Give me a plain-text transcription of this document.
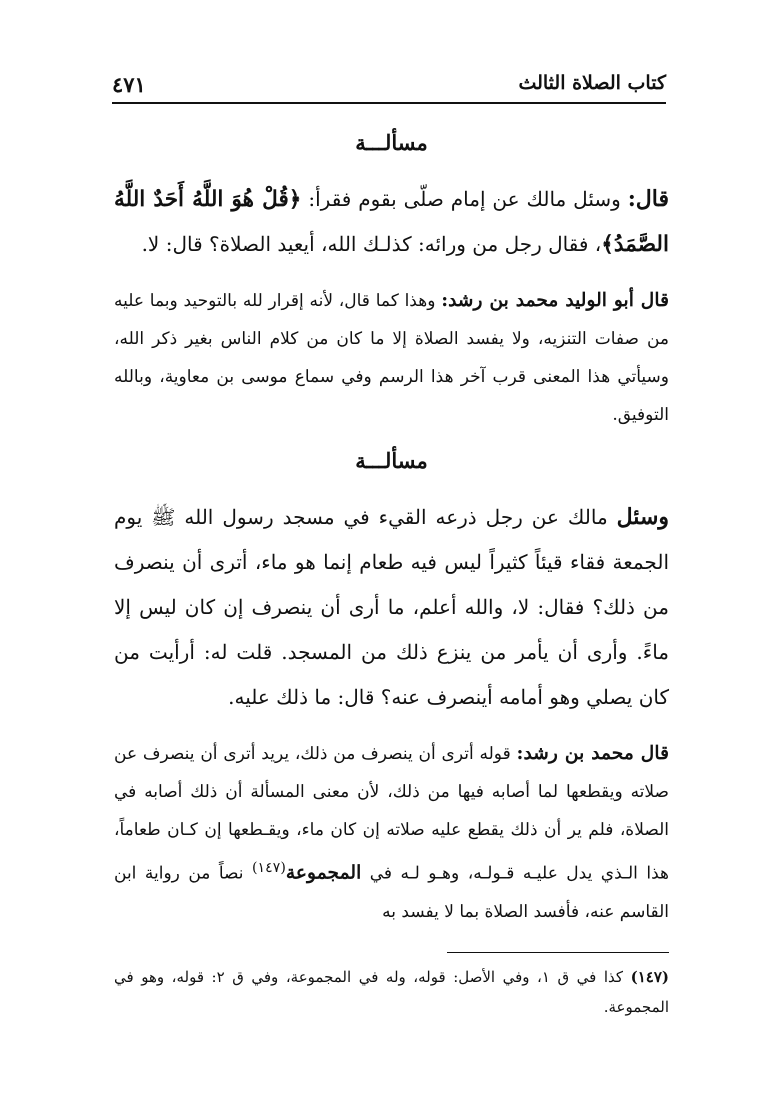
كتاب الصلاة الثالث
٤٧١
مسألـــة

قال: وسئل مالك عن إمام صلّى بقوم فقرأ: ﴿قُلْ هُوَ اللَّهُ أَحَدٌ اللَّهُ الصَّمَدُ﴾، فقال رجل من ورائه: كذلـك الله، أيعيد الصلاة؟ قال: لا.

قال أبو الوليد محمد بن رشد: وهذا كما قال، لأنه إقرار لله بالتوحيد وبما عليه من صفات التنزيه، ولا يفسد الصلاة إلا ما كان من كلام الناس بغير ذكر الله، وسيأتي هذا المعنى قرب آخر هذا الرسم وفي سماع موسى بن معاوية، وبالله التوفيق.

مسألـــة

وسئل مالك عن رجل ذرعه القيء في مسجد رسول الله ﷺ يوم الجمعة فقاء قيئاً كثيراً ليس فيه طعام إنما هو ماء، أترى أن ينصرف من ذلك؟ فقال: لا، والله أعلم، ما أرى أن ينصرف إن كان ليس إلا ماءً. وأرى أن يأمر من ينزع ذلك من المسجد. قلت له: أرأيت من كان يصلي وهو أمامه أينصرف عنه؟ قال: ما ذلك عليه.

قال محمد بن رشد: قوله أترى أن ينصرف من ذلك، يريد أترى أن ينصرف عن صلاته ويقطعها لما أصابه فيها من ذلك، لأن معنى المسألة أن ذلك أصابه في الصلاة، فلم ير أن ذلك يقطع عليه صلاته إن كان ماء، ويقـطعها إن كـان طعاماً، هذا الـذي يدل عليـه قـولـه، وهـو لـه في المجموعة$^{(١٤٧)}$ نصاً من رواية ابن القاسم عنه، فأفسد الصلاة بما لا يفسد به

(١٤٧) كذا في ق ١، وفي الأصل: قوله، وله في المجموعة، وفي ق ٢: قوله، وهو في المجموعة.
